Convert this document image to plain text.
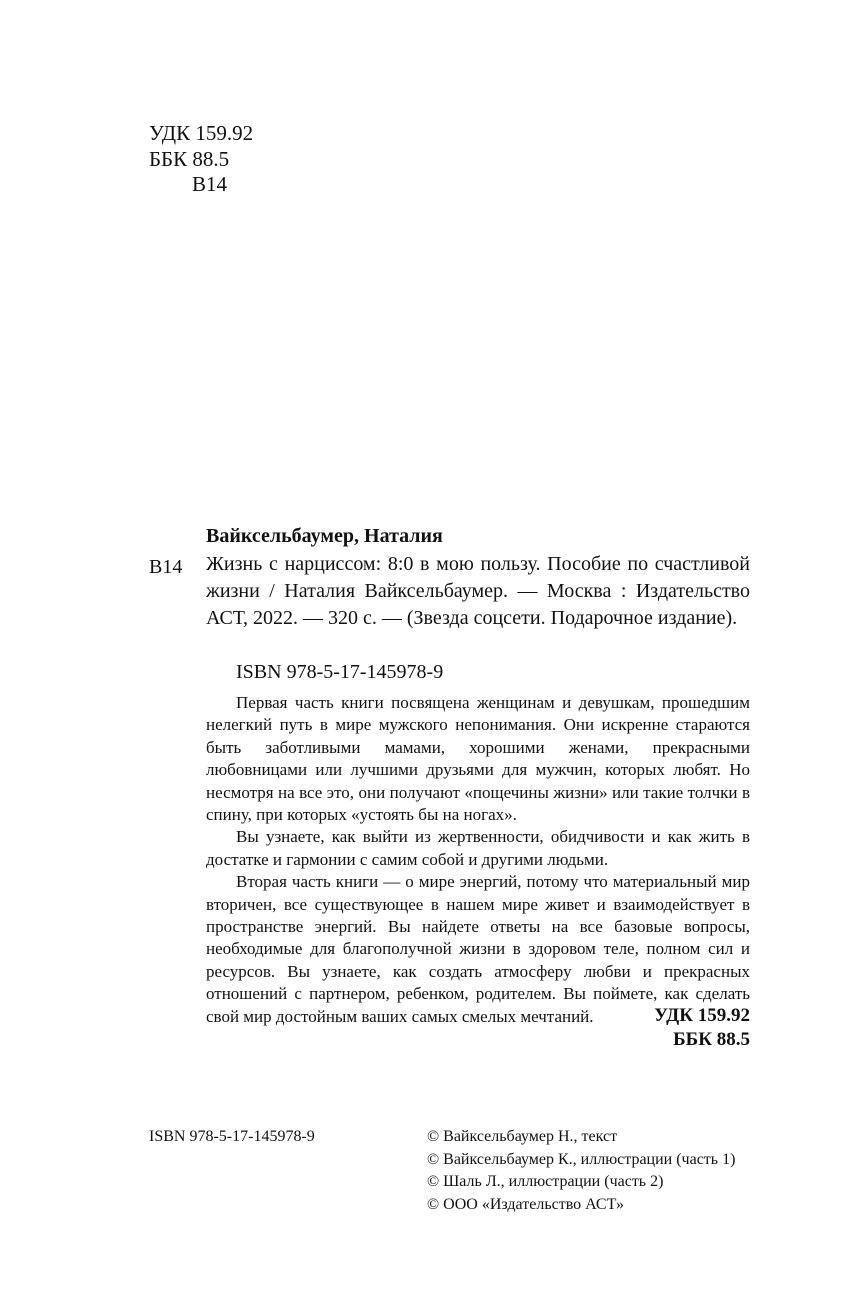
УДК 159.92
ББК 88.5
В14
Вайксельбаумер, Наталия
В14 Жизнь с нарциссом: 8:0 в мою пользу. Пособие по счастливой жизни / Наталия Вайксельбаумер. — Москва : Издательство АСТ, 2022. — 320 с. — (Звезда соцсети. Подарочное издание).
ISBN 978-5-17-145978-9

Первая часть книги посвящена женщинам и девушкам, прошедшим нелегкий путь в мире мужского непонимания. Они искренне стараются быть заботливыми мамами, хорошими женами, прекрасными любовницами или лучшими друзьями для мужчин, которых любят. Но несмотря на все это, они получают «пощечины жизни» или такие толчки в спину, при которых «устоять бы на ногах».

Вы узнаете, как выйти из жертвенности, обидчивости и как жить в достатке и гармонии с самим собой и другими людьми.

Вторая часть книги — о мире энергий, потому что материальный мир вторичен, все существующее в нашем мире живет и взаимодействует в пространстве энергий. Вы найдете ответы на все базовые вопросы, необходимые для благополучной жизни в здоровом теле, полном сил и ресурсов. Вы узнаете, как создать атмосферу любви и прекрасных отношений с партнером, ребенком, родителем. Вы поймете, как сделать свой мир достойным ваших самых смелых мечтаний.	УДК 159.92
ББК 88.5
ISBN 978-5-17-145978-9	© Вайксельбаумер Н., текст
© Вайксельбаумер К., иллюстрации (часть 1)
© Шаль Л., иллюстрации (часть 2)
© ООО «Издательство АСТ»
